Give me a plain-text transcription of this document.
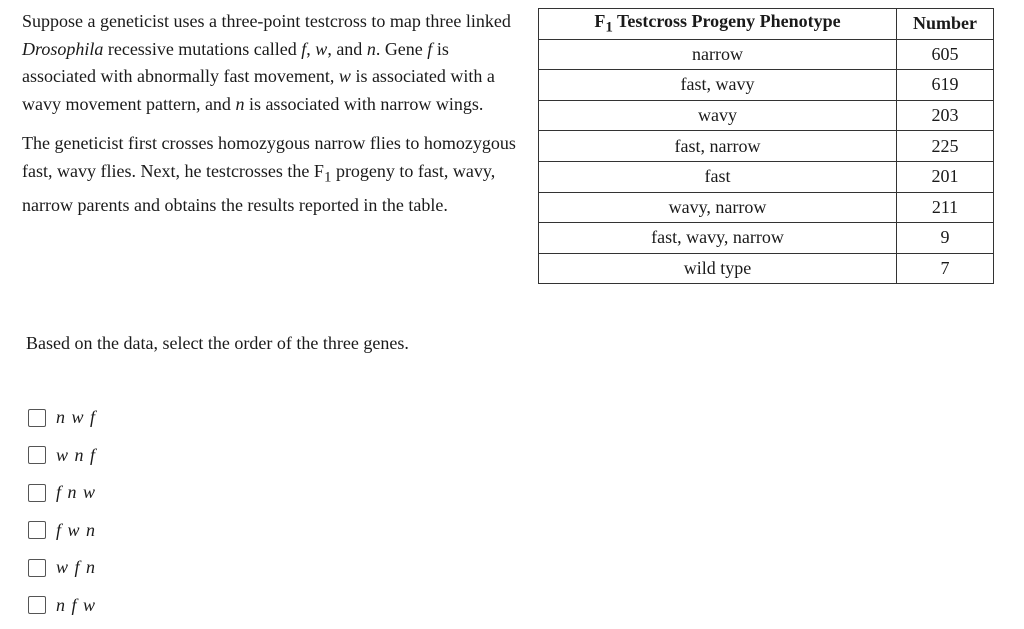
Suppose a geneticist uses a three-point testcross to map three linked Drosophila recessive mutations called f, w, and n. Gene f is associated with abnormally fast movement, w is associated with a wavy movement pattern, and n is associated with narrow wings.

The geneticist first crosses homozygous narrow flies to homozygous fast, wavy flies. Next, he testcrosses the $F_1$ progeny to fast, wavy, narrow parents and obtains the results reported in the table.

$F_1$ Testcross Progeny Phenotype	Number
narrow	605
fast, wavy	619
wavy	203
fast, narrow	225
fast	201
wavy, narrow	211
fast, wavy, narrow	9
wild type	7
Based on the data, select the order of the three genes.
n w f
w n f
f n w
f w n
w f n
n f w
